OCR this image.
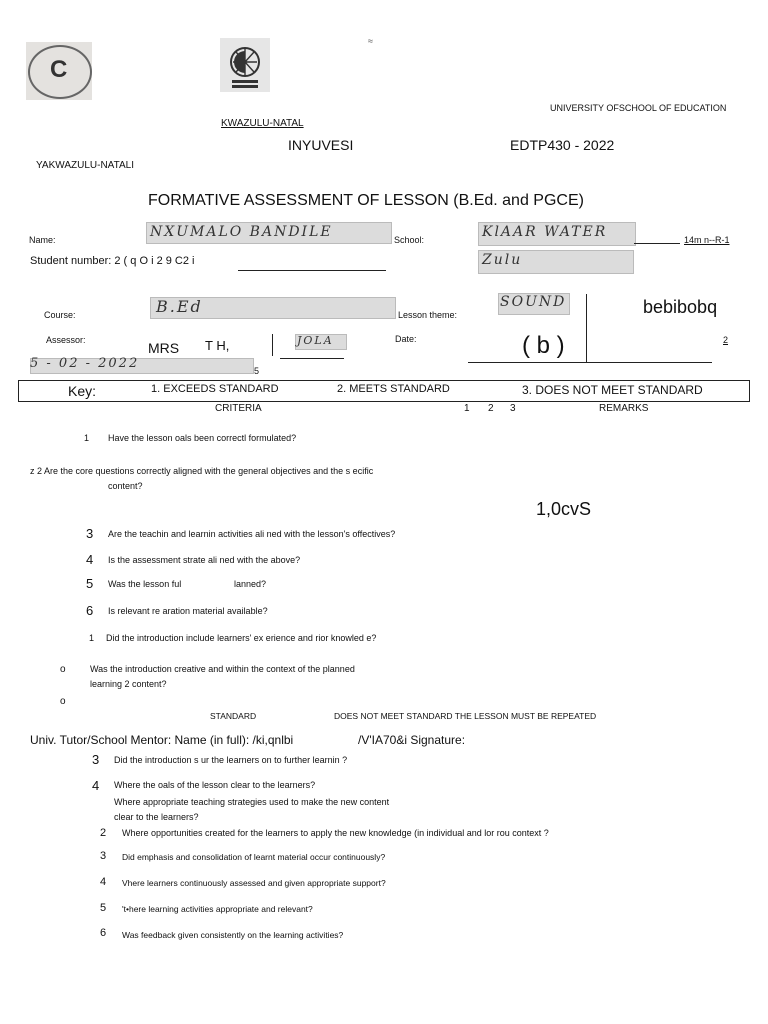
C
≈
UNIVERSITY OFSCHOOL OF EDUCATION
KWAZULU-NATAL
INYUVESI	EDTP430 - 2022
YAKWAZULU-NATALI
FORMATIVE ASSESSMENT OF LESSON (B.Ed. and PGCE)
Name:	NXUMALO BANDILE	School:	KlAAR WATER	14m n--R-1
Student number: 2 ( q O i 2 9 C2 i	Zulu
Course:	B.Ed	Lesson theme:
SOUND	bebibobq
Assessor:	MRS T H,	JOLA	Date:	( b )	2
5 - 02 - 2022	5
Key:	1. EXCEEDS STANDARD	2. MEETS STANDARD	3. DOES NOT MEET STANDARD
CRITERIA	1 2 3	REMARKS
1 Have the lesson oals been correctl formulated?
z 2 Are the core questions correctly aligned with the general objectives and the s ecific
content?
1,0cvS
3 Are the teachin and learnin activities ali ned with the lesson's offectives?
4 Is the assessment strate ali ned with the above?
5 Was the lesson ful	lanned?
6 Is relevant re aration material available?
1 Did the introduction include learners' ex erience and rior knowled e?
o	Was the introduction creative and within the context of the planned
learning 2 content?
o
STANDARD	DOES NOT MEET STANDARD THE LESSON MUST BE REPEATED
Univ. Tutor/School Mentor: Name (in full): /ki,qnlbi	/V'IA70&i Signature:
3 Did the introduction s ur the learners on to further learnin ?
4 Where the oals of the lesson clear to the learners?
Where appropriate teaching strategies used to make the new content
clear to the learners?
2 Where opportunities created for the learners to apply the new knowledge (in individual and lor rou context ?
3 Did emphasis and consolidation of learnt material occur continuously?
4 Vhere learners continuously assessed and given appropriate support?
5 't•here learning activities appropriate and relevant?
6 Was feedback given consistently on the learning activities?
